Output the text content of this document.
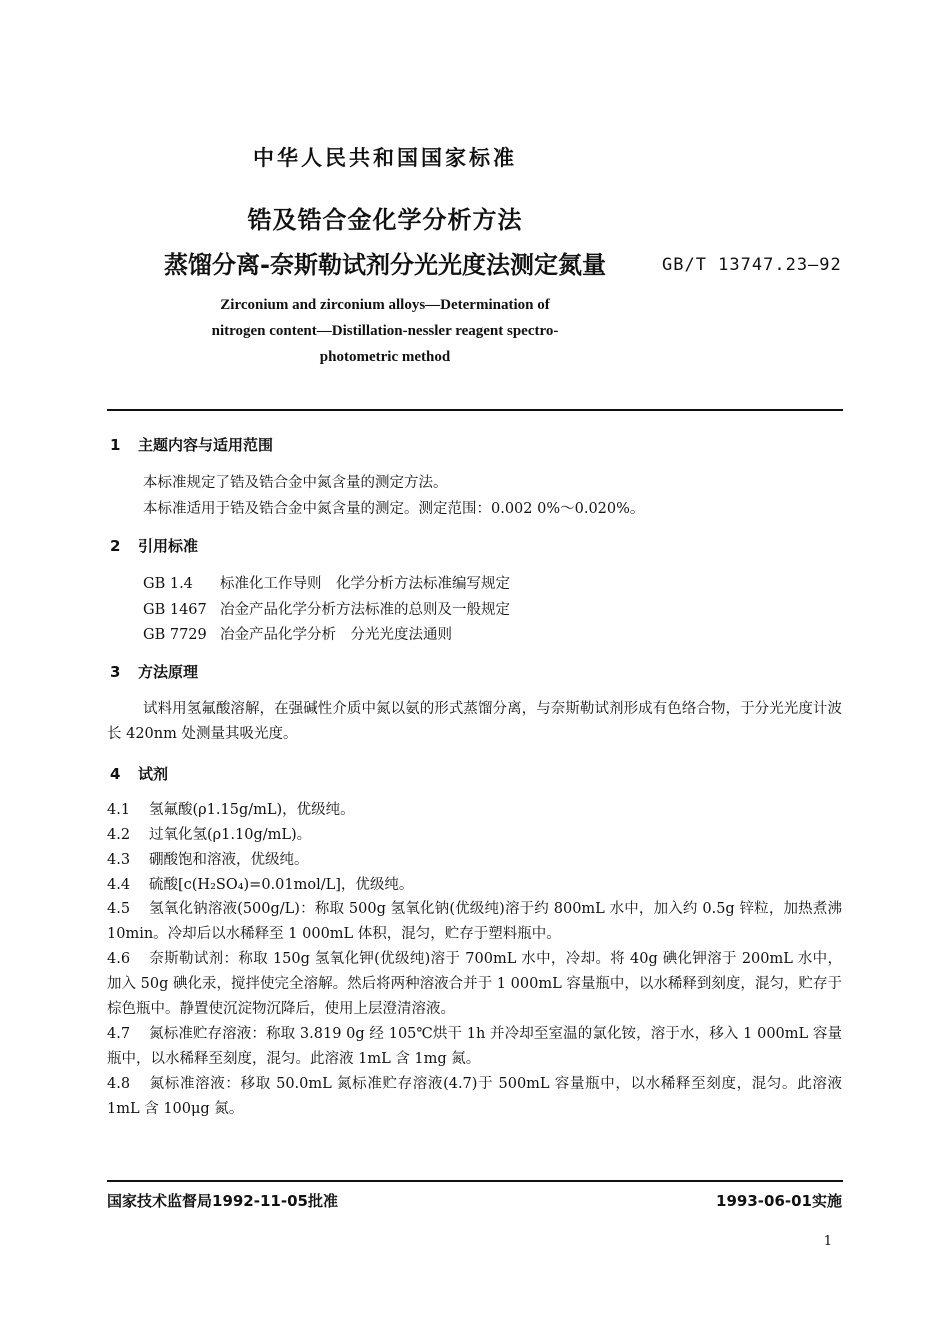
中华人民共和国国家标准
锆及锆合金化学分析方法
蒸馏分离-奈斯勒试剂分光光度法测定氮量	GB/T 13747.23—92
Zirconium and zirconium alloys—Determination of
nitrogen content—Distillation-nessler reagent spectro-
photometric method
1 主题内容与适用范围
本标准规定了锆及锆合金中氮含量的测定方法。
本标准适用于锆及锆合金中氮含量的测定。测定范围：0.002 0%～0.020%。
2 引用标准
GB 1.4 标准化工作导则　化学分析方法标准编写规定
GB 1467 冶金产品化学分析方法标准的总则及一般规定
GB 7729 冶金产品化学分析　分光光度法通则
3 方法原理
试料用氢氟酸溶解，在强碱性介质中氮以氨的形式蒸馏分离，与奈斯勒试剂形成有色络合物，于分光光度计波长 420nm 处测量其吸光度。
4 试剂
4.1 氢氟酸(ρ1.15g/mL)，优级纯。
4.2 过氧化氢(ρ1.10g/mL)。
4.3 硼酸饱和溶液，优级纯。
4.4 硫酸[c(H₂SO₄)=0.01mol/L]，优级纯。
4.5 氢氧化钠溶液(500g/L)：称取 500g 氢氧化钠(优级纯)溶于约 800mL 水中，加入约 0.5g 锌粒，加热煮沸 10min。冷却后以水稀释至 1 000mL 体积，混匀，贮存于塑料瓶中。
4.6 奈斯勒试剂：称取 150g 氢氧化钾(优级纯)溶于 700mL 水中，冷却。将 40g 碘化钾溶于 200mL 水中，加入 50g 碘化汞，搅拌使完全溶解。然后将两种溶液合并于 1 000mL 容量瓶中，以水稀释到刻度，混匀，贮存于棕色瓶中。静置使沉淀物沉降后，使用上层澄清溶液。
4.7 氮标准贮存溶液：称取 3.819 0g 经 105℃烘干 1h 并冷却至室温的氯化铵，溶于水，移入 1 000mL 容量瓶中，以水稀释至刻度，混匀。此溶液 1mL 含 1mg 氮。
4.8 氮标准溶液：移取 50.0mL 氮标准贮存溶液(4.7)于 500mL 容量瓶中，以水稀释至刻度，混匀。此溶液 1mL 含 100μg 氮。
国家技术监督局1992-11-05批准	1993-06-01实施
1
